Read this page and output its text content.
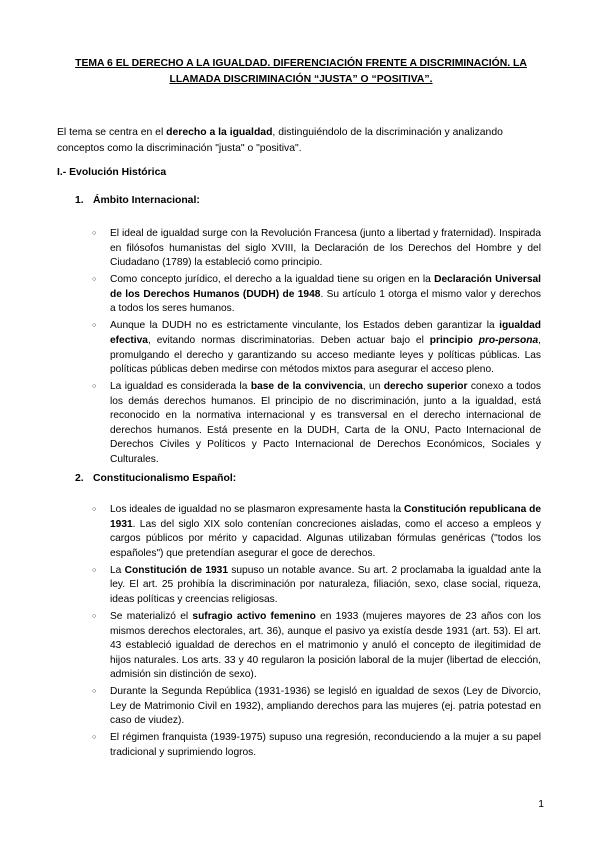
TEMA 6 EL DERECHO A LA IGUALDAD. DIFERENCIACIÓN FRENTE A DISCRIMINACIÓN. LA LLAMADA DISCRIMINACIÓN “JUSTA” O “POSITIVA”.
El tema se centra en el derecho a la igualdad, distinguiéndolo de la discriminación y analizando conceptos como la discriminación "justa" o "positiva".
I.- Evolución Histórica
1. Ámbito Internacional:
○ El ideal de igualdad surge con la Revolución Francesa (junto a libertad y fraternidad). Inspirada en filósofos humanistas del siglo XVIII, la Declaración de los Derechos del Hombre y del Ciudadano (1789) la estableció como principio.
○ Como concepto jurídico, el derecho a la igualdad tiene su origen en la Declaración Universal de los Derechos Humanos (DUDH) de 1948. Su artículo 1 otorga el mismo valor y derechos a todos los seres humanos.
○ Aunque la DUDH no es estrictamente vinculante, los Estados deben garantizar la igualdad efectiva, evitando normas discriminatorias. Deben actuar bajo el principio pro-persona, promulgando el derecho y garantizando su acceso mediante leyes y políticas públicas. Las políticas públicas deben medirse con métodos mixtos para asegurar el acceso pleno.
○ La igualdad es considerada la base de la convivencia, un derecho superior conexo a todos los demás derechos humanos. El principio de no discriminación, junto a la igualdad, está reconocido en la normativa internacional y es transversal en el derecho internacional de derechos humanos. Está presente en la DUDH, Carta de la ONU, Pacto Internacional de Derechos Civiles y Políticos y Pacto Internacional de Derechos Económicos, Sociales y Culturales.
2. Constitucionalismo Español:
○ Los ideales de igualdad no se plasmaron expresamente hasta la Constitución republicana de 1931. Las del siglo XIX solo contenían concreciones aisladas, como el acceso a empleos y cargos públicos por mérito y capacidad. Algunas utilizaban fórmulas genéricas ("todos los españoles") que pretendían asegurar el goce de derechos.
○ La Constitución de 1931 supuso un notable avance. Su art. 2 proclamaba la igualdad ante la ley. El art. 25 prohibía la discriminación por naturaleza, filiación, sexo, clase social, riqueza, ideas políticas y creencias religiosas.
○ Se materializó el sufragio activo femenino en 1933 (mujeres mayores de 23 años con los mismos derechos electorales, art. 36), aunque el pasivo ya existía desde 1931 (art. 53). El art. 43 estableció igualdad de derechos en el matrimonio y anuló el concepto de ilegitimidad de hijos naturales. Los arts. 33 y 40 regularon la posición laboral de la mujer (libertad de elección, admisión sin distinción de sexo).
○ Durante la Segunda República (1931-1936) se legisló en igualdad de sexos (Ley de Divorcio, Ley de Matrimonio Civil en 1932), ampliando derechos para las mujeres (ej. patria potestad en caso de viudez).
○ El régimen franquista (1939-1975) supuso una regresión, reconduciendo a la mujer a su papel tradicional y suprimiendo logros.
1
